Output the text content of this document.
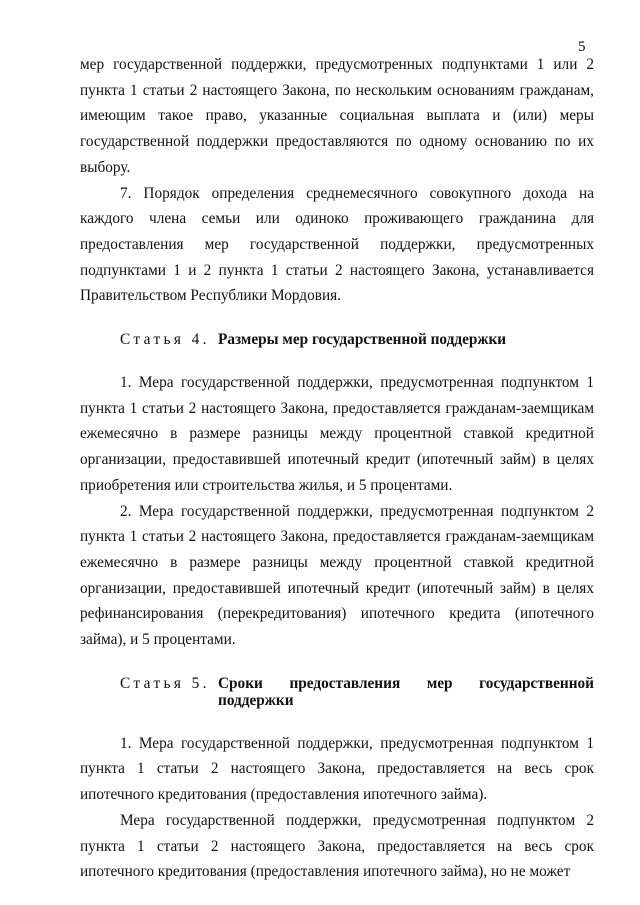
5

мер государственной поддержки, предусмотренных подпунктами 1 или 2 пункта 1 статьи 2 настоящего Закона, по нескольким основаниям гражданам, имеющим такое право, указанные социальная выплата и (или) меры государственной поддержки предоставляются по одному основанию по их выбору.

7. Порядок определения среднемесячного совокупного дохода на каждого члена семьи или одиноко проживающего гражданина для предоставления мер государственной поддержки, предусмотренных подпунктами 1 и 2 пункта 1 статьи 2 настоящего Закона, устанавливается Правительством Республики Мордовия.

Статья 4. Размеры мер государственной поддержки

1. Мера государственной поддержки, предусмотренная подпунктом 1 пункта 1 статьи 2 настоящего Закона, предоставляется гражданам-заемщикам ежемесячно в размере разницы между процентной ставкой кредитной организации, предоставившей ипотечный кредит (ипотечный займ) в целях приобретения или строительства жилья, и 5 процентами.

2. Мера государственной поддержки, предусмотренная подпунктом 2 пункта 1 статьи 2 настоящего Закона, предоставляется гражданам-заемщикам ежемесячно в размере разницы между процентной ставкой кредитной организации, предоставившей ипотечный кредит (ипотечный займ) в целях рефинансирования (перекредитования) ипотечного кредита (ипотечного займа), и 5 процентами.

Статья 5. Сроки предоставления мер государственной
поддержки

1. Мера государственной поддержки, предусмотренная подпунктом 1 пункта 1 статьи 2 настоящего Закона, предоставляется на весь срок ипотечного кредитования (предоставления ипотечного займа).

Мера государственной поддержки, предусмотренная подпунктом 2 пункта 1 статьи 2 настоящего Закона, предоставляется на весь срок ипотечного кредитования (предоставления ипотечного займа), но не может
